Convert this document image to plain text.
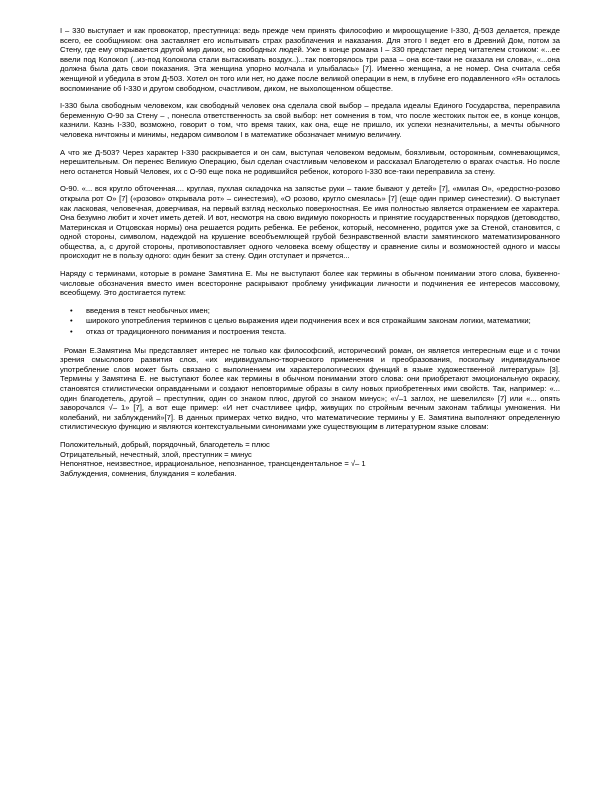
I – 330 выступает и как провокатор, преступница: ведь прежде чем принять философию и мироощущение I-330, Д-503 делается, прежде всего, ее сообщником: она заставляет его испытывать страх разоблачения и наказания. Для этого I ведет его в Древний Дом, потом за Стену, где ему открывается другой мир диких, но свободных людей. Уже в конце романа I – 330 предстает перед читателем стоиком: «...ее ввели под Колокол (..из-под Колокола стали вытаскивать воздух..)...так повторялось три раза – она все-таки не сказала ни слова», «...она должна была дать свои показания. Эта женщина упорно молчала и улыбалась» [7]. Именно женщина, а не номер. Она считала себя женщиной и убедила в этом Д-503. Хотел он того или нет, но даже после великой операции в нем, в глубине его подавленного «Я» осталось воспоминание об I-330 и другом свободном, счастливом, диком, не выхолощенном обществе.

I-330 была свободным человеком, как свободный человек она сделала свой выбор – предала идеалы Единого Государства, переправила беременную О-90 за Стену – , понесла ответственность за свой выбор: нет сомнения в том, что после жестоких пыток ее, в конце концов, казнили. Казнь I-330, возможно, говорит о том, что время таких, как она, еще не пришло, их успехи незначительны, а мечты обычного человека ничтожны и минимы, недаром символом I в математике обозначает мнимую величину.

А что же Д-503? Через характер I-330 раскрывается и он сам, выступая человеком ведомым, боязливым, осторожным, сомневающимся, нерешительным. Он перенес Великую Операцию, был сделан счастливым человеком и рассказал Благодетелю о врагах счастья. Но после него останется Новый Человек, их с О-90 еще пока не родившийся ребенок, которого I-330 все-таки переправила за стену.

О-90. «... вся кругло обточенная.... круглая, пухлая складочка на запястье руки – такие бывают у детей» [7], «милая О», «редостно-розово открыла рот О» [7] («розово» открывала рот» – синестезия), «О розово, кругло смеялась» [7] (еще один пример синестезии). О выступает как ласковая, человечная, доверчивая, на первый взгляд несколько поверхностная. Ее имя полностью является отражением ее характера. Она безумно любит и хочет иметь детей. И вот, несмотря на свою видимую покорность и принятие государственных порядков (детоводство, Материнская и Отцовская нормы) она решается родить ребенка. Ее ребенок, который, несомненно, родится уже за Стеной, становится, с одной стороны, символом, надеждой на крушение всеобъемлющей грубой безнравственной власти замятинского математизированного общества, а, с другой стороны, противопоставляет одного человека всему обществу и сравнение силы и возможностей одного и массы происходит не в пользу одного: один бежит за стену. Один отступает и прячется...

Наряду с терминами, которые в романе Замятина Е. Мы не выступают более как термины в обычном понимании этого слова, буквенно-числовые обозначения вместо имен всесторонне раскрывают проблему унификации личности и подчинения ее интересов массовому, всеобщему. Это достигается путем:

• введения в текст необычных имен;
• широкого употребления терминов с целью выражения идеи подчинения всех и вся строжайшим законам логики, математики;
• отказ от традиционного понимания и построения текста.

Роман Е.Замятина Мы представляет интерес не только как философский, исторический роман, он является интересным еще и с точки зрения смыслового развития слов, «их индивидуально-творческого применения и преобразования, поскольку индивидуальное употребление слов может быть связано с выполнением им характерологических функций в языке художественной литературы» [3]. Термины у Замятина Е. не выступают более как термины в обычном понимании этого слова: они приобретают эмоциональную окраску, становятся стилистически оправданными и создают неповторимые образы в силу новых приобретенных ими свойств. Так, например: «... один благодетель, другой – преступник, один со знаком плюс, другой со знаком минус»; «√–1 заглох, не шевелился» [7] или «... опять заворочался √– 1» [7], а вот еще пример: «И нет счастливее цифр, живущих по стройным вечным законам таблицы умножения. Ни колебаний, ни заблуждений»[7]. В данных примерах четко видно, что математические термины у Е. Замятина выполняют определенную стилистическую функцию и являются контекстуальными синонимами уже существующим в литературном языке словам:

Положительный, добрый, порядочный, благодетель = плюс

Отрицательный, нечестный, злой, преступник = минус

Непонятное, неизвестное, иррациональное, непознанное, трансцендентальное = √– 1

Заблуждения, сомнения, блуждания = колебания.
